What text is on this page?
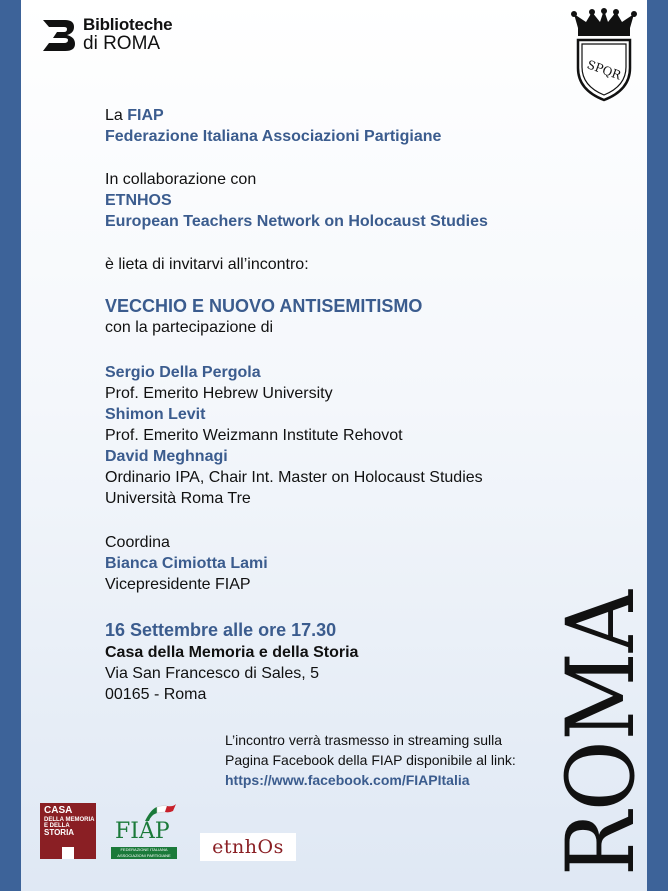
Biblioteche
di ROMA
SPQR
La FIAP
Federazione Italiana Associazioni Partigiane
In collaborazione con
ETNHOS
European Teachers Network on Holocaust Studies
è lieta di invitarvi all’incontro:
VECCHIO E NUOVO ANTISEMITISMO
con la partecipazione di
Sergio Della Pergola
Prof. Emerito Hebrew University
Shimon Levit
Prof. Emerito Weizmann Institute Rehovot
David Meghnagi
Ordinario IPA, Chair Int. Master on Holocaust Studies
Università Roma Tre
Coordina
Bianca Cimiotta Lami
Vicepresidente FIAP
16 Settembre alle ore 17.30
Casa della Memoria e della Storia
Via San Francesco di Sales, 5
00165 - Roma
L’incontro verrà trasmesso in streaming sulla
Pagina Facebook della FIAP disponibile al link:
https://www.facebook.com/FIAPItalia ROMA
CASA
DELLA MEMORIA E DELLA
STORIA FIAP
FEDERAZIONE ITALIANA ASSOCIAZIONI PARTIGIANE	etnhOs
